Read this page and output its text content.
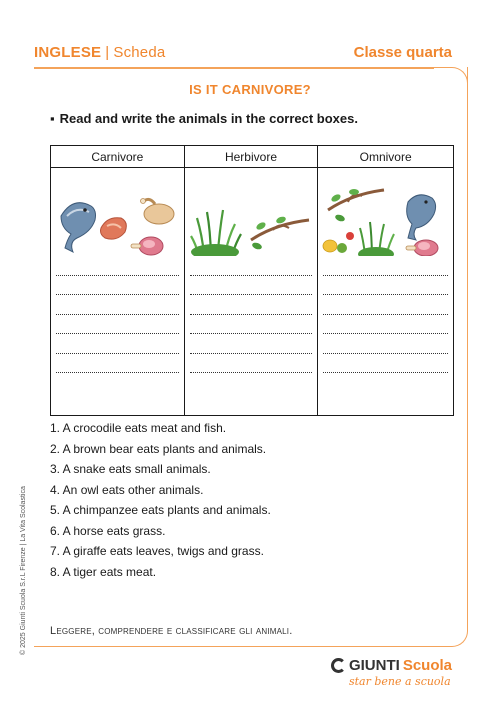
INGLESE | Scheda	Classe quarta
IS IT CARNIVORE?
▪ Read and write the animals in the correct boxes.
Carnivore	Herbivore	Omnivore

1. A crocodile eats meat and fish.
2. A brown bear eats plants and animals.
3. A snake eats small animals.
4. An owl eats other animals.
5. A chimpanzee eats plants and animals.
6. A horse eats grass.
7. A giraffe eats leaves, twigs and grass.
8. A tiger eats meat.
Leggere, comprendere e classificare gli animali.
© 2025 Giunti Scuola S.r.L Firenze | La Vita Scolastica
GIUNTI Scuola
star bene a scuola
